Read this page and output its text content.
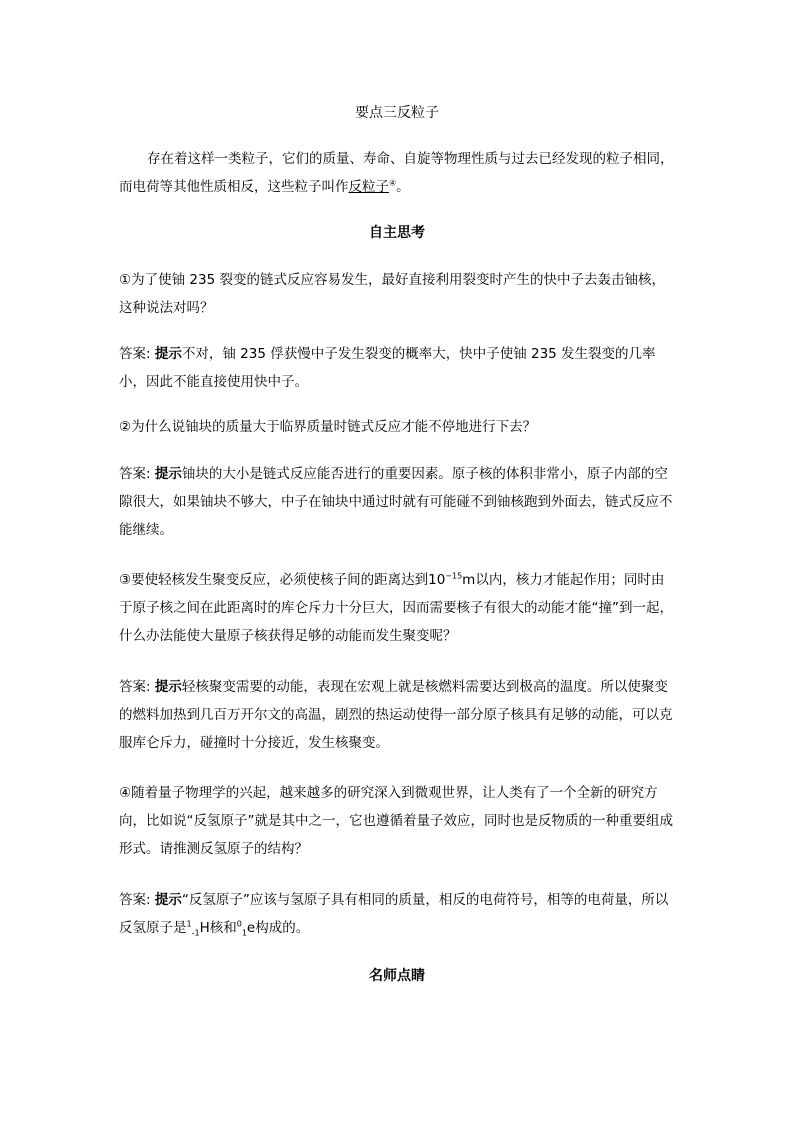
要点三反粒子

存在着这样一类粒子，它们的质量、寿命、自旋等物理性质与过去已经发现的粒子相同，而电荷等其他性质相反，这些粒子叫作反粒子④。

自主思考

①为了使铀 235 裂变的链式反应容易发生，最好直接利用裂变时产生的快中子去轰击铀核，这种说法对吗？

答案: 提示不对，铀 235 俘获慢中子发生裂变的概率大，快中子使铀 235 发生裂变的几率小，因此不能直接使用快中子。

②为什么说铀块的质量大于临界质量时链式反应才能不停地进行下去？

答案: 提示铀块的大小是链式反应能否进行的重要因素。原子核的体积非常小，原子内部的空隙很大，如果铀块不够大，中子在铀块中通过时就有可能碰不到铀核跑到外面去，链式反应不能继续。

③要使轻核发生聚变反应，必须使核子间的距离达到$10^{-15}m$以内，核力才能起作用；同时由于原子核之间在此距离时的库仑斥力十分巨大，因而需要核子有很大的动能才能“撞”到一起，什么办法能使大量原子核获得足够的动能而发生聚变呢？

答案: 提示轻核聚变需要的动能，表现在宏观上就是核燃料需要达到极高的温度。所以使聚变的燃料加热到几百万开尔文的高温，剧烈的热运动使得一部分原子核具有足够的动能，可以克服库仑斥力，碰撞时十分接近，发生核聚变。

④随着量子物理学的兴起，越来越多的研究深入到微观世界，让人类有了一个全新的研究方向，比如说“反氢原子”就是其中之一，它也遵循着量子效应，同时也是反物质的一种重要组成形式。请推测反氢原子的结构？

答案: 提示“反氢原子”应该与氢原子具有相同的质量，相反的电荷符号，相等的电荷量，所以反氢原子是$^1_{-1}$H核和$^0_1$e构成的。

名师点睛
